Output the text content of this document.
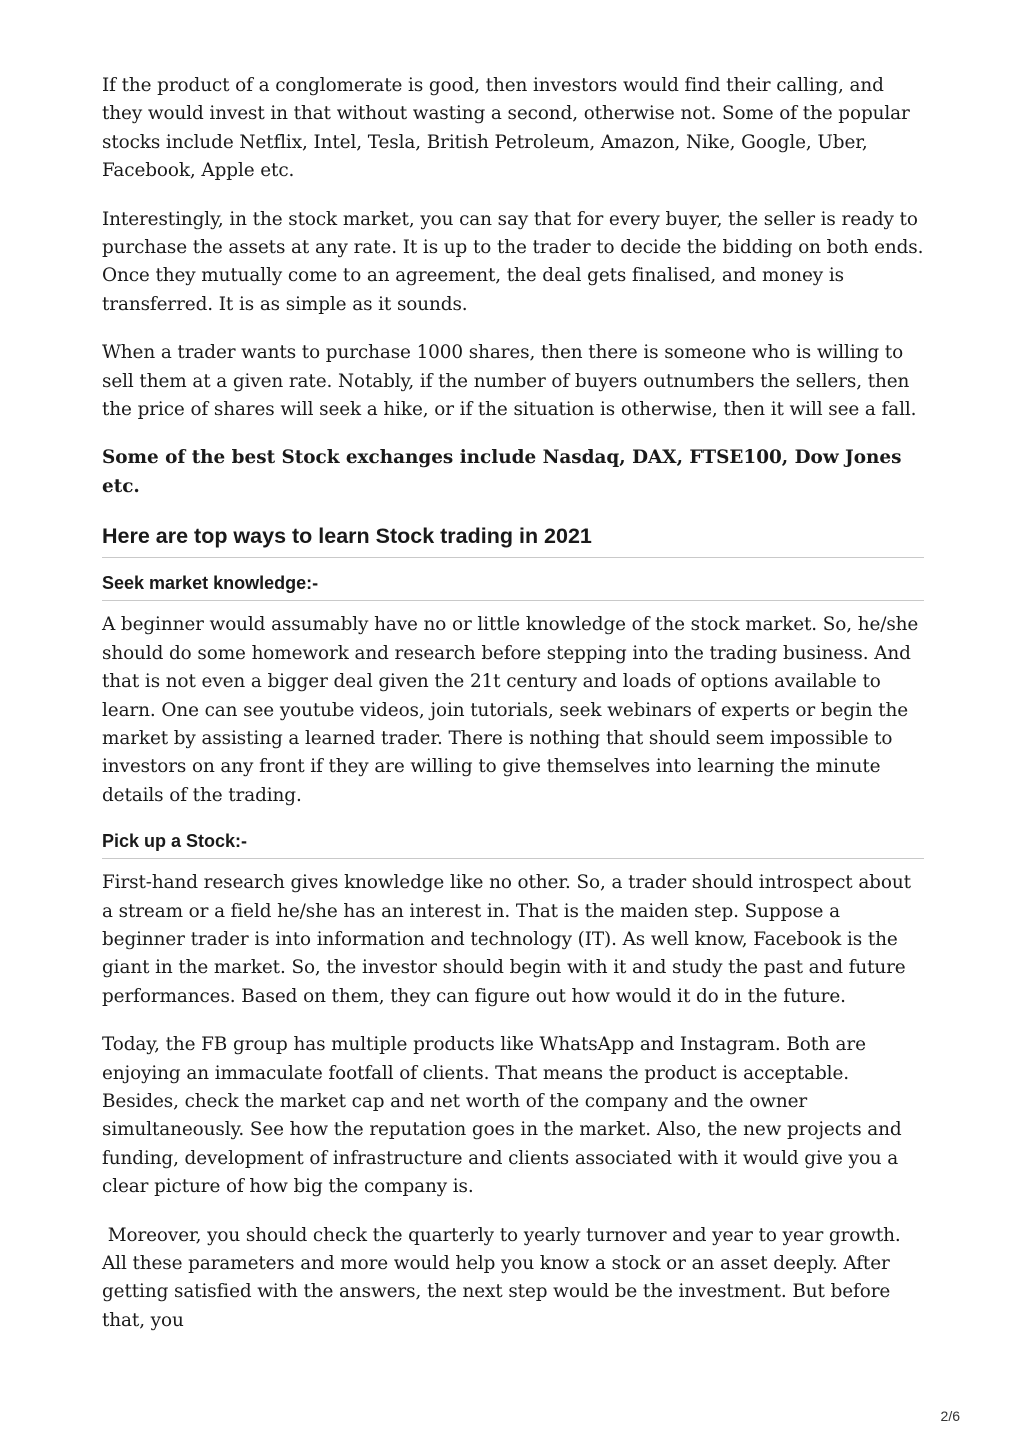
If the product of a conglomerate is good, then investors would find their calling, and they would invest in that without wasting a second, otherwise not. Some of the popular stocks include Netflix, Intel, Tesla, British Petroleum, Amazon, Nike, Google, Uber, Facebook, Apple etc.

Interestingly, in the stock market, you can say that for every buyer, the seller is ready to purchase the assets at any rate. It is up to the trader to decide the bidding on both ends. Once they mutually come to an agreement, the deal gets finalised, and money is transferred. It is as simple as it sounds.

When a trader wants to purchase 1000 shares, then there is someone who is willing to sell them at a given rate. Notably, if the number of buyers outnumbers the sellers, then the price of shares will seek a hike, or if the situation is otherwise, then it will see a fall.

Some of the best Stock exchanges include Nasdaq, DAX, FTSE100, Dow Jones etc.

Here are top ways to learn Stock trading in 2021
Seek market knowledge:-

A beginner would assumably have no or little knowledge of the stock market. So, he/she should do some homework and research before stepping into the trading business. And that is not even a bigger deal given the 21t century and loads of options available to learn. One can see youtube videos, join tutorials, seek webinars of experts or begin the market by assisting a learned trader. There is nothing that should seem impossible to investors on any front if they are willing to give themselves into learning the minute details of the trading.

Pick up a Stock:-

First-hand research gives knowledge like no other. So, a trader should introspect about a stream or a field he/she has an interest in. That is the maiden step. Suppose a beginner trader is into information and technology (IT). As well know, Facebook is the giant in the market. So, the investor should begin with it and study the past and future performances. Based on them, they can figure out how would it do in the future.

Today, the FB group has multiple products like WhatsApp and Instagram. Both are enjoying an immaculate footfall of clients. That means the product is acceptable. Besides, check the market cap and net worth of the company and the owner simultaneously. See how the reputation goes in the market. Also, the new projects and funding, development of infrastructure and clients associated with it would give you a clear picture of how big the company is.

Moreover, you should check the quarterly to yearly turnover and year to year growth. All these parameters and more would help you know a stock or an asset deeply. After getting satisfied with the answers, the next step would be the investment. But before that, you

2/6
